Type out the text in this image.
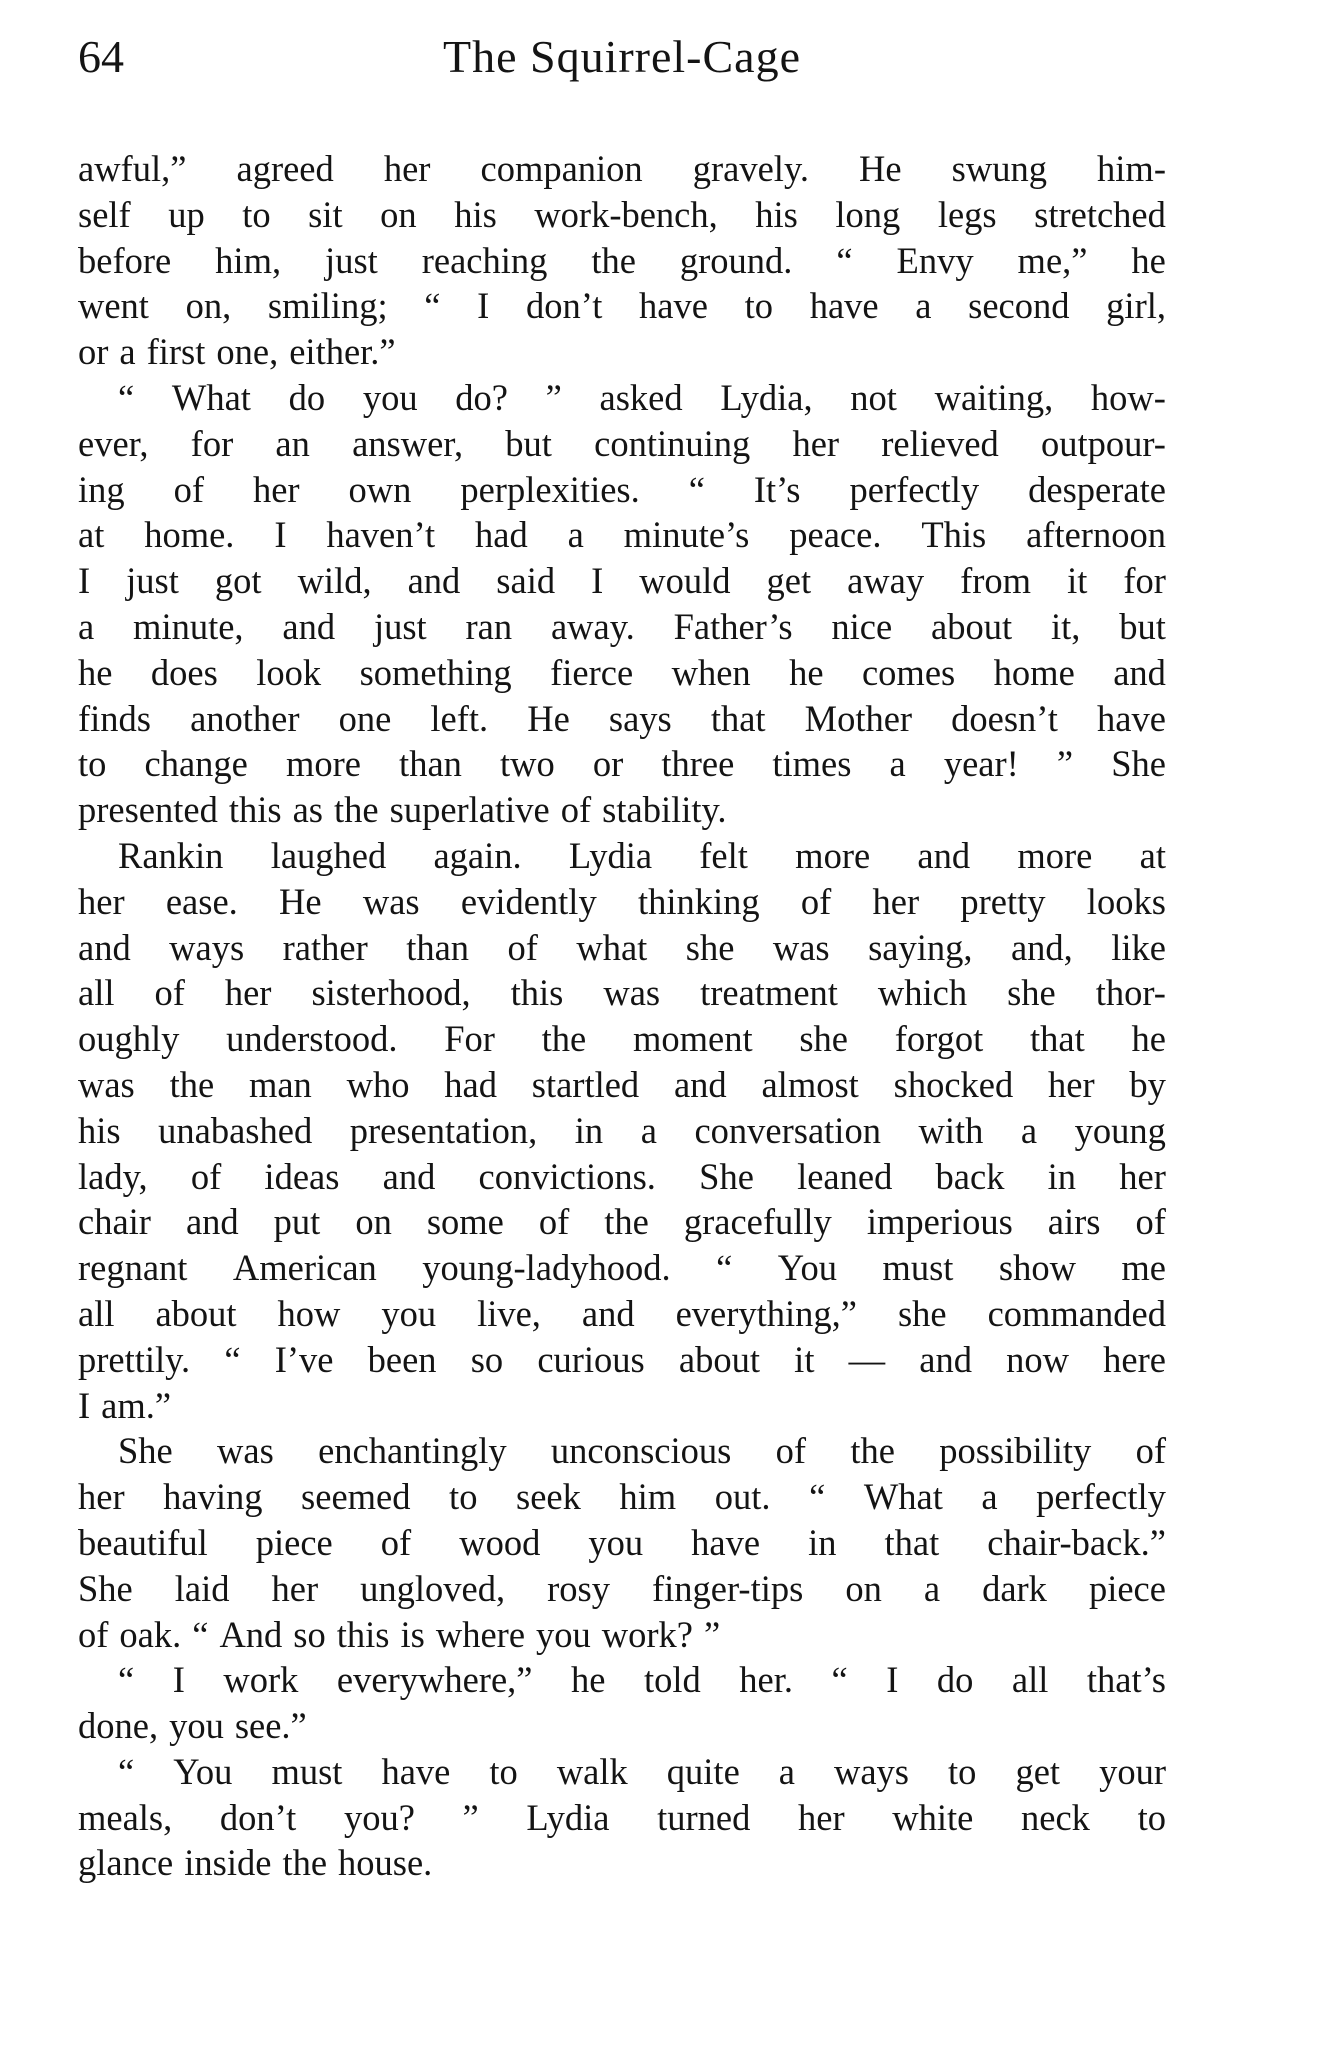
64	The Squirrel-Cage
awful,” agreed her companion gravely. He swung him-
self up to sit on his work-bench, his long legs stretched
before him, just reaching the ground. “ Envy me,” he
went on, smiling; “ I don’t have to have a second girl,
or a first one, either.”
“ What do you do? ” asked Lydia, not waiting, how-
ever, for an answer, but continuing her relieved outpour-
ing of her own perplexities. “ It’s perfectly desperate
at home. I haven’t had a minute’s peace. This afternoon
I just got wild, and said I would get away from it for
a minute, and just ran away. Father’s nice about it, but
he does look something fierce when he comes home and
finds another one left. He says that Mother doesn’t have
to change more than two or three times a year! ” She
presented this as the superlative of stability.
Rankin laughed again. Lydia felt more and more at
her ease. He was evidently thinking of her pretty looks
and ways rather than of what she was saying, and, like
all of her sisterhood, this was treatment which she thor-
oughly understood. For the moment she forgot that he
was the man who had startled and almost shocked her by
his unabashed presentation, in a conversation with a young
lady, of ideas and convictions. She leaned back in her
chair and put on some of the gracefully imperious airs of
regnant American young-ladyhood. “ You must show me
all about how you live, and everything,” she commanded
prettily. “ I’ve been so curious about it — and now here
I am.”
She was enchantingly unconscious of the possibility of
her having seemed to seek him out. “ What a perfectly
beautiful piece of wood you have in that chair-back.”
She laid her ungloved, rosy finger-tips on a dark piece
of oak. “ And so this is where you work? ”
“ I work everywhere,” he told her. “ I do all that’s
done, you see.”
“ You must have to walk quite a ways to get your
meals, don’t you? ” Lydia turned her white neck to
glance inside the house.
